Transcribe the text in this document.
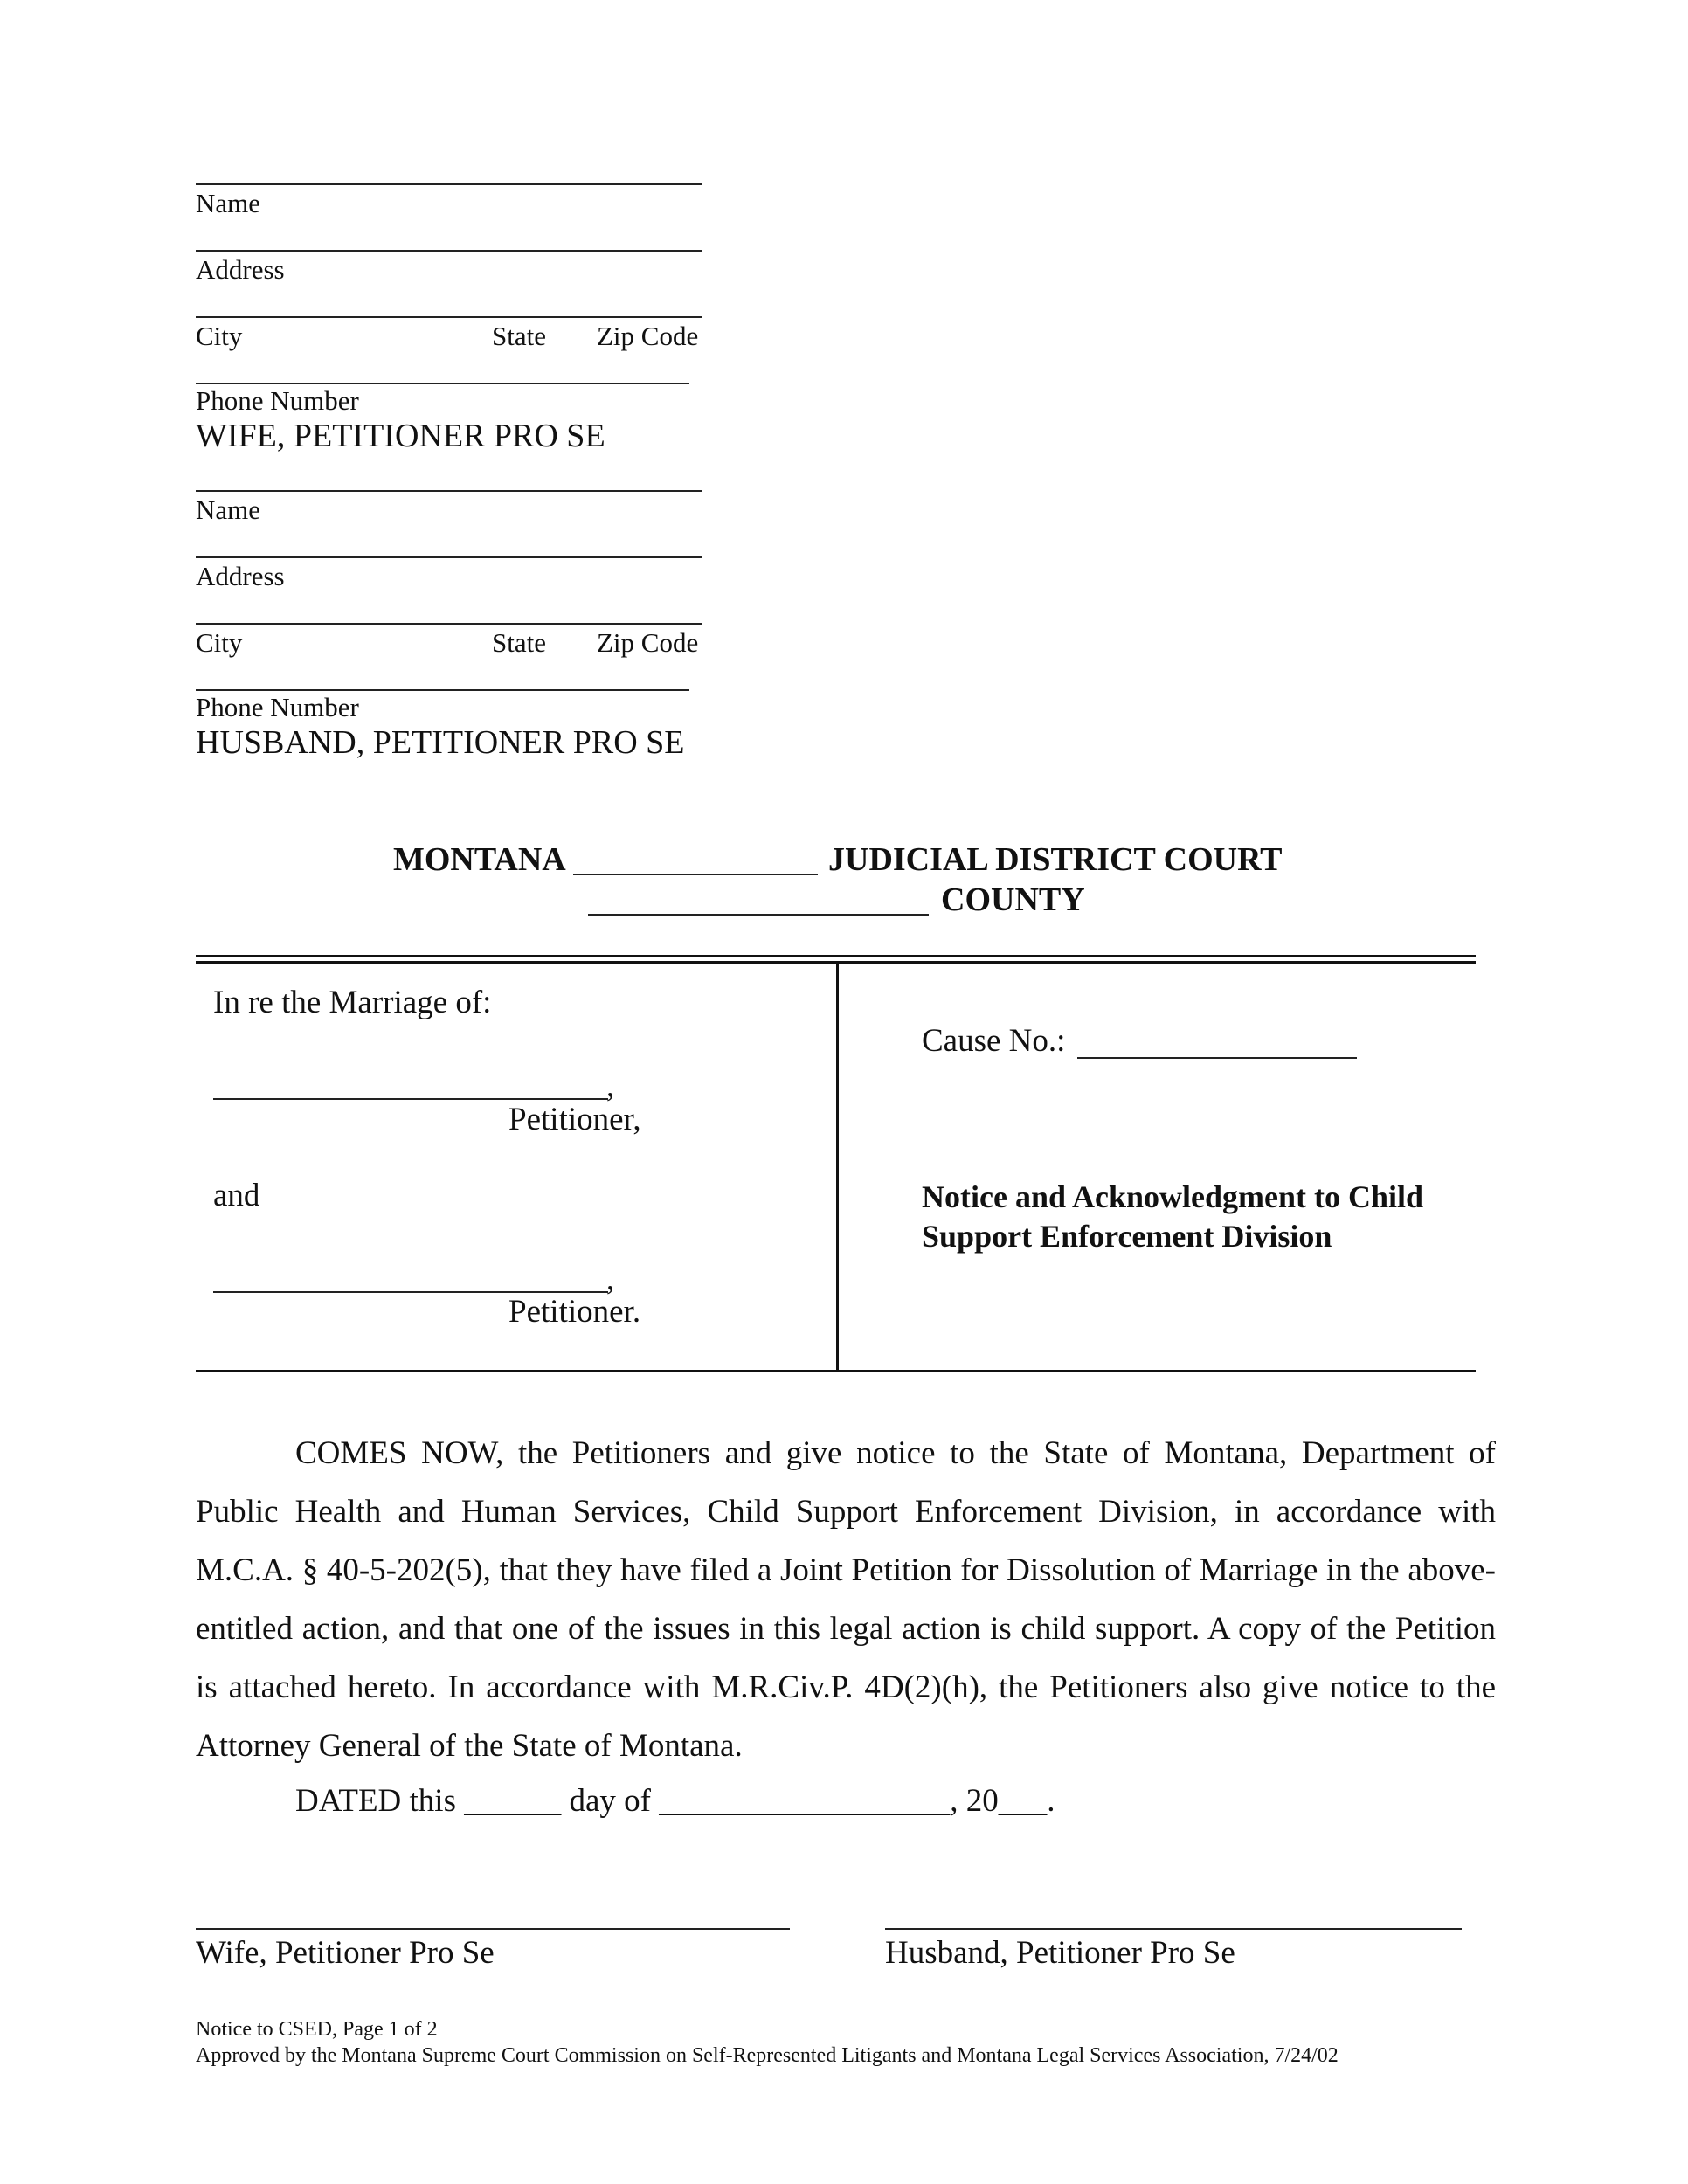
Name
Address
City	State Zip Code
Phone Number
WIFE, PETITIONER PRO SE
Name
Address
City	State Zip Code
Phone Number
HUSBAND, PETITIONER PRO SE
MONTANA	JUDICIAL DISTRICT COURT
COUNTY
In re the Marriage of:
,
Petitioner,
and
,
Petitioner.
Cause No.:
Notice and Acknowledgment to Child
Support Enforcement Division
COMES NOW, the Petitioners and give notice to the State of Montana, Department of Public Health and Human Services, Child Support Enforcement Division, in accordance with M.C.A. § 40-5-202(5), that they have filed a Joint Petition for Dissolution of Marriage in the above-entitled action, and that one of the issues in this legal action is child support. A copy of the Petition is attached hereto. In accordance with M.R.Civ.P. 4D(2)(h), the Petitioners also give notice to the Attorney General of the State of Montana.
DATED this ______ day of __________________, 20___.
Wife, Petitioner Pro Se	Husband, Petitioner Pro Se
Notice to CSED, Page 1 of 2
Approved by the Montana Supreme Court Commission on Self-Represented Litigants and Montana Legal Services Association, 7/24/02
